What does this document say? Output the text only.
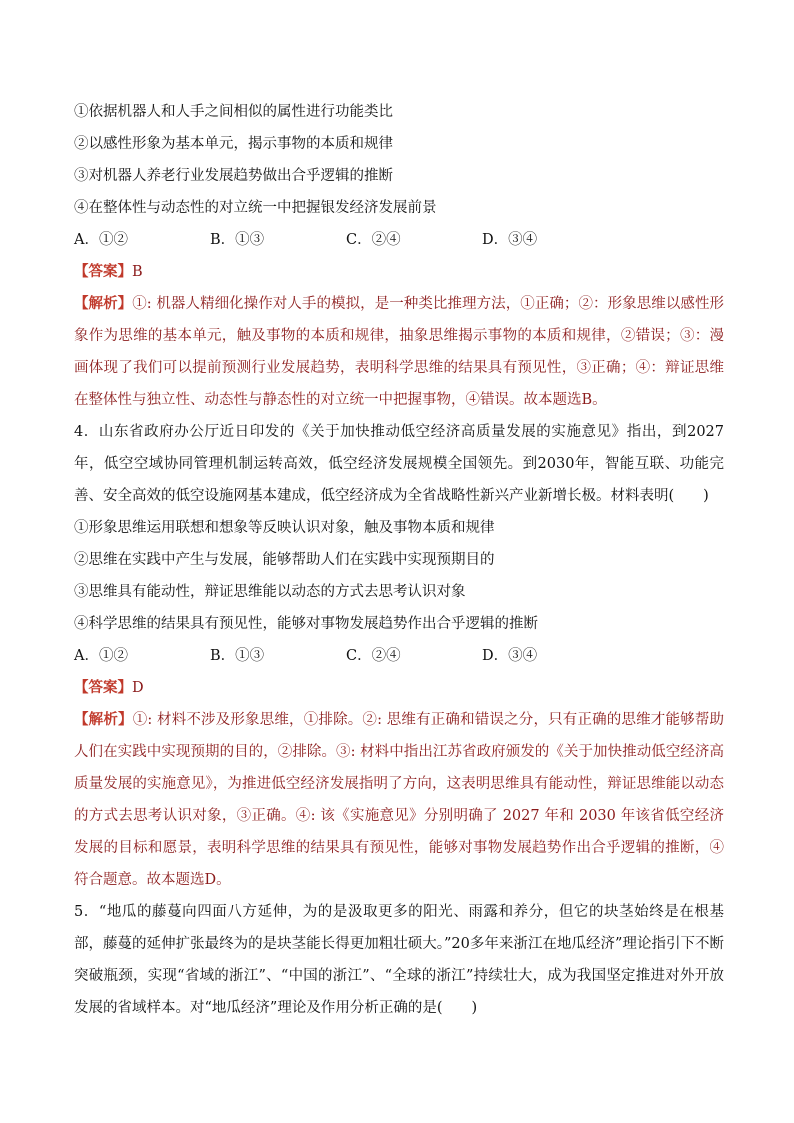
①依据机器人和人手之间相似的属性进行功能类比
②以感性形象为基本单元，揭示事物的本质和规律
③对机器人养老行业发展趋势做出合乎逻辑的推断
④在整体性与动态性的对立统一中把握银发经济发展前景
A．①②	B．①③	C．②④	D．③④
【答案】B
【解析】①: 机器人精细化操作对人手的模拟，是一种类比推理方法，①正确；②：形象思维以感性形象作为思维的基本单元，触及事物的本质和规律，抽象思维揭示事物的本质和规律，②错误；③：漫画体现了我们可以提前预测行业发展趋势，表明科学思维的结果具有预见性，③正确；④：辩证思维在整体性与独立性、动态性与静态性的对立统一中把握事物，④错误。故本题选B。
4．山东省政府办公厅近日印发的《关于加快推动低空经济高质量发展的实施意见》指出，到2027年，低空空域协同管理机制运转高效，低空经济发展规模全国领先。到2030年，智能互联、功能完善、安全高效的低空设施网基本建成，低空经济成为全省战略性新兴产业新增长极。材料表明(　　)
①形象思维运用联想和想象等反映认识对象，触及事物本质和规律
②思维在实践中产生与发展，能够帮助人们在实践中实现预期目的
③思维具有能动性，辩证思维能以动态的方式去思考认识对象
④科学思维的结果具有预见性，能够对事物发展趋势作出合乎逻辑的推断
A．①②	B．①③	C．②④	D．③④
【答案】D
【解析】①: 材料不涉及形象思维，①排除。②: 思维有正确和错误之分，只有正确的思维才能够帮助人们在实践中实现预期的目的，②排除。③: 材料中指出江苏省政府颁发的《关于加快推动低空经济高质量发展的实施意见》，为推进低空经济发展指明了方向，这表明思维具有能动性，辩证思维能以动态的方式去思考认识对象，③正确。④: 该《实施意见》分别明确了 2027 年和 2030 年该省低空经济发展的目标和愿景，表明科学思维的结果具有预见性，能够对事物发展趋势作出合乎逻辑的推断，④符合题意。故本题选D。
5．“地瓜的藤蔓向四面八方延伸，为的是汲取更多的阳光、雨露和养分，但它的块茎始终是在根基部，藤蔓的延伸扩张最终为的是块茎能长得更加粗壮硕大。”20多年来浙江在地瓜经济”理论指引下不断突破瓶颈，实现“省域的浙江”、“中国的浙江”、“全球的浙江”持续壮大，成为我国坚定推进对外开放发展的省域样本。对“地瓜经济”理论及作用分析正确的是(　　)
